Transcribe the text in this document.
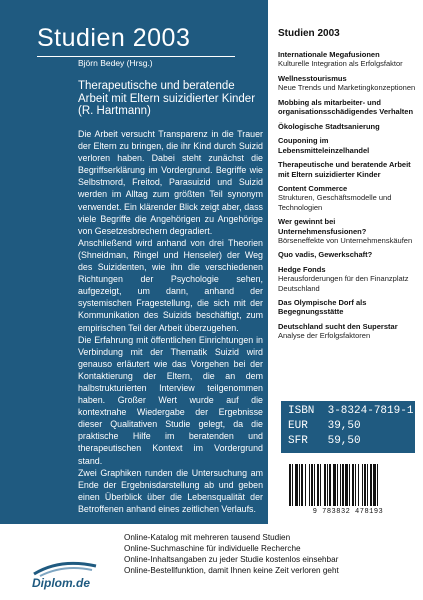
Studien 2003
Björn Bedey (Hrsg.)
Therapeutische und beratende Arbeit mit Eltern suizidierter Kinder
(R. Hartmann)

Die Arbeit versucht Transparenz in die Trauer der Eltern zu bringen, die ihr Kind durch Suizid verloren haben. Dabei steht zunächst die Begriffserklärung im Vordergrund. Begriffe wie Selbstmord, Freitod, Parasuizid und Suizid werden im Alltag zum größten Teil synonym verwendet. Ein klärender Blick zeigt aber, dass viele Begriffe die Angehörigen zu Angehörige von Gesetzesbrechern degradiert.

Anschließend wird anhand von drei Theorien (Shneidman, Ringel und Henseler) der Weg des Suizidenten, wie ihn die verschiedenen Richtungen der Psychologie sehen, aufgezeigt, um dann, anhand der systemischen Fragestellung, die sich mit der Kommunikation des Suizids beschäftigt, zum empirischen Teil der Arbeit überzugehen.

Die Erfahrung mit öffentlichen Einrichtungen in Verbindung mit der Thematik Suizid wird genauso erläutert wie das Vorgehen bei der Kontaktierung der Eltern, die an dem halbstrukturierten Interview teilgenommen haben. Großer Wert wurde auf die kontextnahe Wiedergabe der Ergebnisse dieser Qualitativen Studie gelegt, da die praktische Hilfe im beratenden und therapeutischen Kontext im Vordergrund stand.

Zwei Graphiken runden die Untersuchung am Ende der Ergebnisdarstellung ab und geben einen Überblick über die Lebensqualität der Betroffenen anhand eines zeitlichen Verlaufs.

Studien 2003
Internationale Megafusionen
Kulturelle Integration als Erfolgsfaktor
Wellnesstourismus
Neue Trends und Marketingkonzeptionen
Mobbing als mitarbeiter- und organisationsschädigendes Verhalten
Ökologische Stadtsanierung
Couponing im Lebensmitteleinzelhandel
Therapeutische und beratende Arbeit mit Eltern suizidierter Kinder
Content Commerce
Strukturen, Geschäftsmodelle und Technologien
Wer gewinnt bei Unternehmensfusionen?
Börseneffekte von Unternehmenskäufen
Quo vadis, Gewerkschaft?
Hedge Fonds
Herausforderungen für den Finanzplatz Deutschland
Das Olympische Dorf als Begegnungsstätte
Deutschland sucht den Superstar
Analyse der Erfolgsfaktoren
ISBN  3-8324-7819-1
EUR   39,50
SFR   59,50
9 783832 478193
Diplom.de
Online-Katalog mit mehreren tausend Studien
Online-Suchmaschine für individuelle Recherche
Online-Inhaltsangaben zu jeder Studie kostenlos einsehbar
Online-Bestellfunktion, damit Ihnen keine Zeit verloren geht
